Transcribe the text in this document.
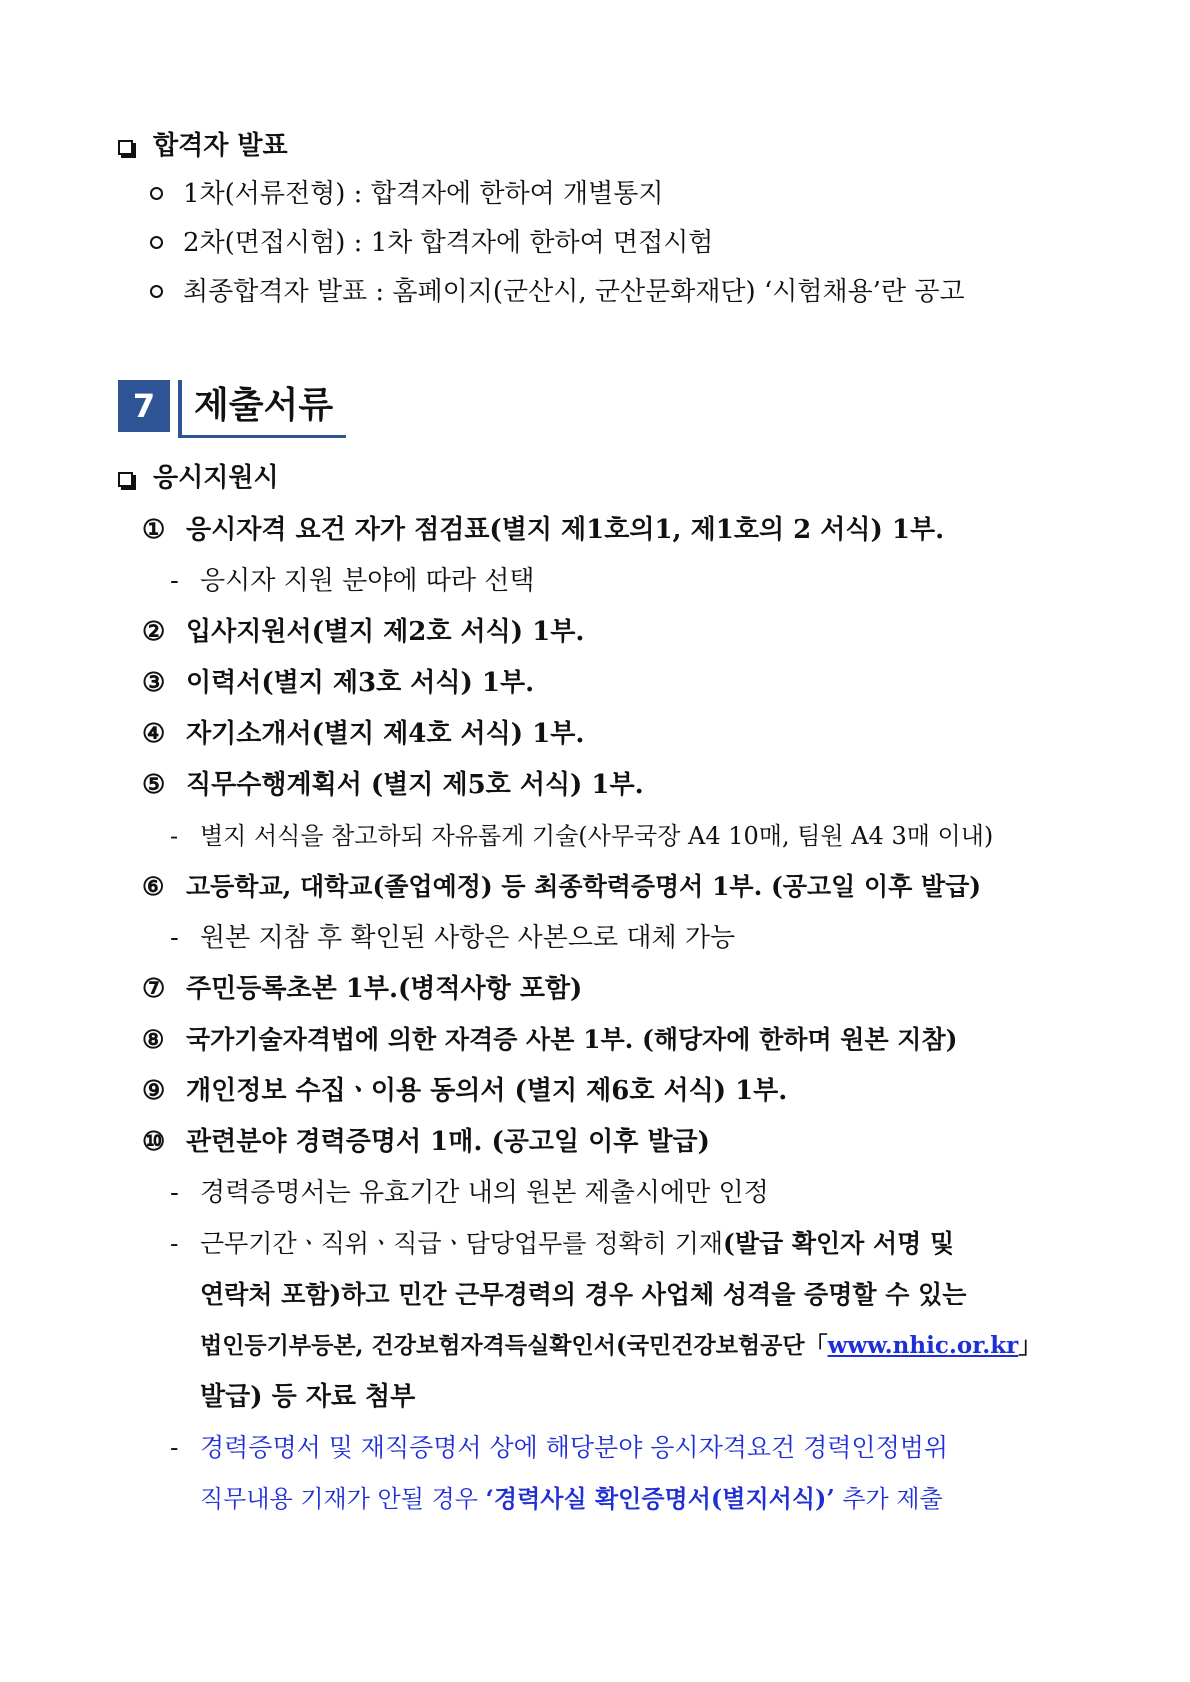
합격자 발표
1차(서류전형) : 합격자에 한하여 개별통지
2차(면접시험) : 1차 합격자에 한하여 면접시험
최종합격자 발표 : 홈페이지(군산시, 군산문화재단) ‘시험채용’란 공고
7	제출서류
응시지원시
① 응시자격 요건 자가 점검표(별지 제1호의1, 제1호의 2 서식) 1부.
- 응시자 지원 분야에 따라 선택
② 입사지원서(별지 제2호 서식) 1부.
③ 이력서(별지 제3호 서식) 1부.
④ 자기소개서(별지 제4호 서식) 1부.
⑤ 직무수행계획서 (별지 제5호 서식) 1부.
- 별지 서식을 참고하되 자유롭게 기술(사무국장 A4 10매, 팀원 A4 3매 이내)
⑥ 고등학교, 대학교(졸업예정) 등 최종학력증명서 1부. (공고일 이후 발급)
- 원본 지참 후 확인된 사항은 사본으로 대체 가능
⑦ 주민등록초본 1부.(병적사항 포함)
⑧ 국가기술자격법에 의한 자격증 사본 1부. (해당자에 한하며 원본 지참)
⑨ 개인정보 수집ㆍ이용 동의서 (별지 제6호 서식) 1부.
⑩ 관련분야 경력증명서 1매. (공고일 이후 발급)
- 경력증명서는 유효기간 내의 원본 제출시에만 인정
- 근무기간ㆍ직위ㆍ직급ㆍ담당업무를 정확히 기재(발급 확인자 서명 및
연락처 포함)하고 민간 근무경력의 경우 사업체 성격을 증명할 수 있는
법인등기부등본, 건강보험자격득실확인서(국민건강보험공단「www.nhic.or.kr」
발급) 등 자료 첨부
- 경력증명서 및 재직증명서 상에 해당분야 응시자격요건 경력인정범위
직무내용 기재가 안될 경우 ‘경력사실 확인증명서(별지서식)’ 추가 제출
